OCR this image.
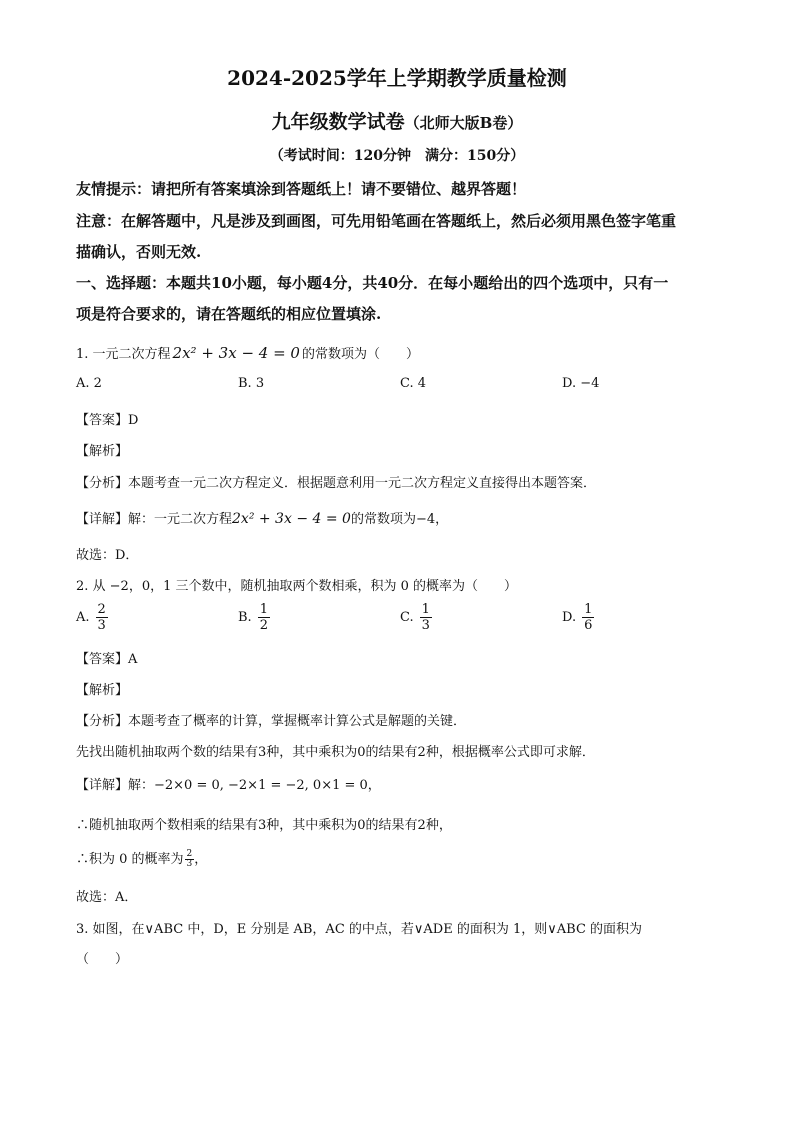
2024-2025学年上学期教学质量检测
九年级数学试卷（北师大版B卷）
（考试时间：120分钟　满分：150分）
友情提示：请把所有答案填涂到答题纸上！请不要错位、越界答题！
注意：在解答题中，凡是涉及到画图，可先用铅笔画在答题纸上，然后必须用黑色签字笔重
描确认，否则无效.
一、选择题：本题共10小题，每小题4分，共40分．在每小题给出的四个选项中，只有一
项是符合要求的，请在答题纸的相应位置填涂.
1. 一元二次方程 2x² + 3x − 4 = 0 的常数项为（　　）
A. 2	B. 3	C. 4	D. −4
【答案】D
【解析】
【分析】本题考查一元二次方程定义．根据题意利用一元二次方程定义直接得出本题答案．
【详解】解：一元二次方程2x² + 3x − 4 = 0的常数项为−4，
故选：D．
2. 从 −2，0，1 三个数中，随机抽取两个数相乘，积为 0 的概率为（　　）
A. $\frac{2}{3}$	B. $\frac{1}{2}$	C. $\frac{1}{3}$	D. $\frac{1}{6}$
【答案】A
【解析】
【分析】本题考查了概率的计算，掌握概率计算公式是解题的关键．
先找出随机抽取两个数的结果有3种，其中乘积为0的结果有2种，根据概率公式即可求解．
【详解】解：−2×0 = 0, −2×1 = −2, 0×1 = 0，
∴随机抽取两个数相乘的结果有3种，其中乘积为0的结果有2种，
∴积为 0 的概率为 $\frac{2}{3}$ ，
故选：A．
3. 如图，在∨ABC 中，D，E 分别是 AB，AC 的中点，若∨ADE 的面积为 1，则∨ABC 的面积为
（　　）
